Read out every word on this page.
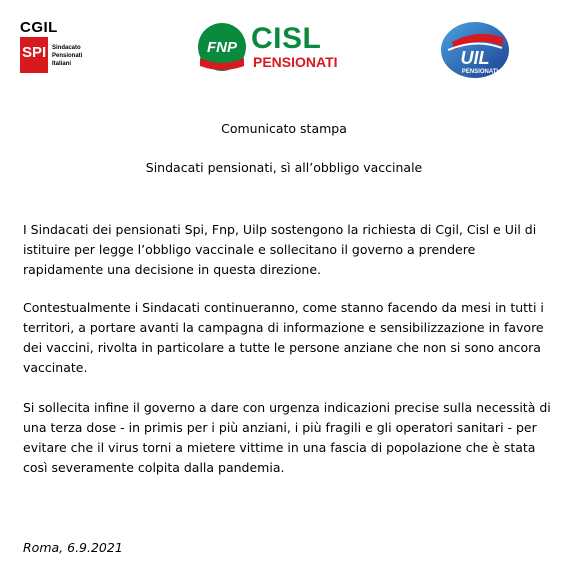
CGIL
SPI Sindacato
Pensionati
Italiani
FNP CISL
PENSIONATI	UIL
PENSIONATI
Comunicato stampa
Sindacati pensionati, sì all’obbligo vaccinale

I Sindacati dei pensionati Spi, Fnp, Uilp sostengono la richiesta di Cgil, Cisl e Uil di
istituire per legge l’obbligo vaccinale e sollecitano il governo a prendere
rapidamente una decisione in questa direzione.

Contestualmente i Sindacati continueranno, come stanno facendo da mesi in tutti i
territori, a portare avanti la campagna di informazione e sensibilizzazione in favore
dei vaccini, rivolta in particolare a tutte le persone anziane che non si sono ancora
vaccinate.

Si sollecita infine il governo a dare con urgenza indicazioni precise sulla necessità di
una terza dose - in primis per i più anziani, i più fragili e gli operatori sanitari - per
evitare che il virus torni a mietere vittime in una fascia di popolazione che è stata
così severamente colpita dalla pandemia.

Roma, 6.9.2021
